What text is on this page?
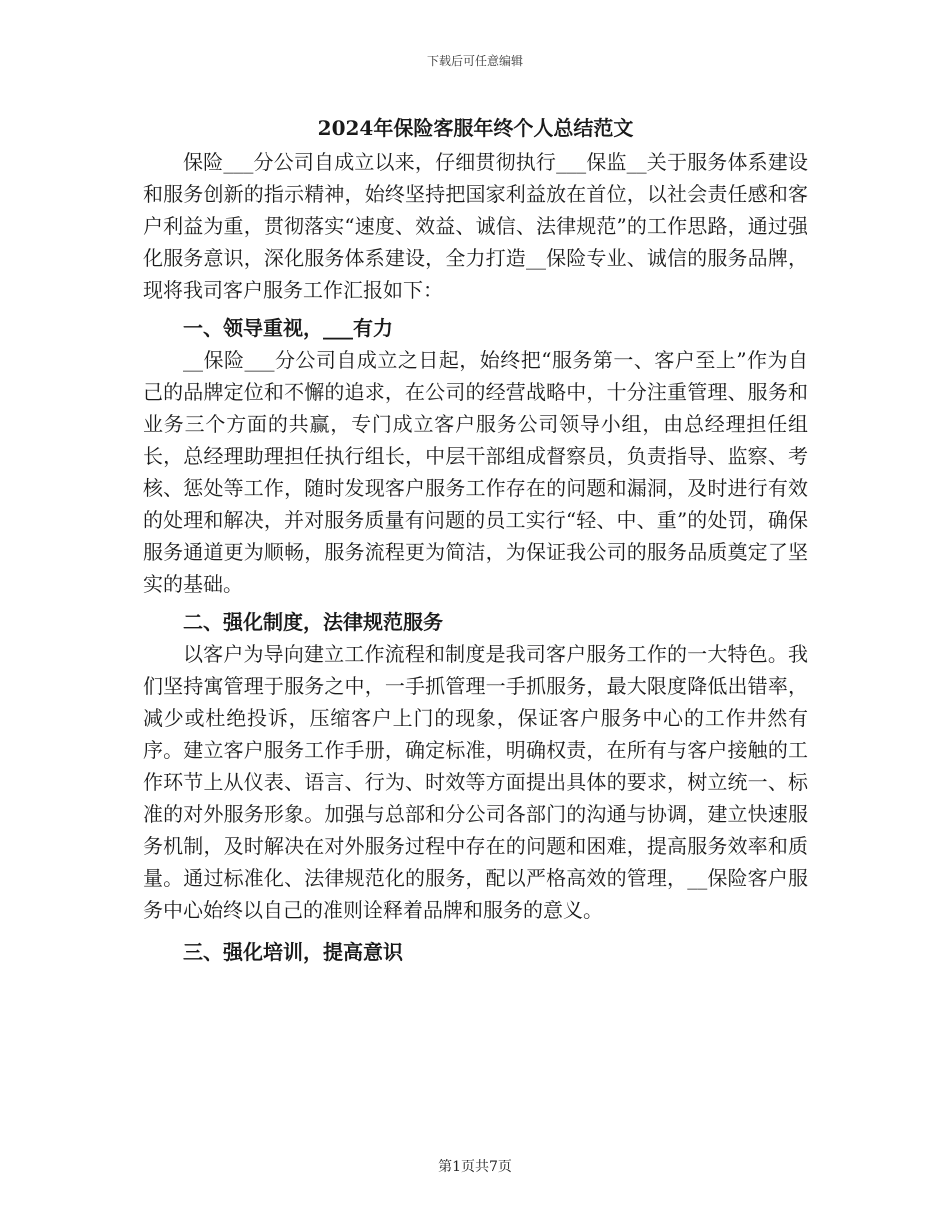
下载后可任意编辑
2024年保险客服年终个人总结范文

保险___分公司自成立以来，仔细贯彻执行___保监__关于服务体系建设和服务创新的指示精神，始终坚持把国家利益放在首位，以社会责任感和客户利益为重，贯彻落实“速度、效益、诚信、法律规范”的工作思路，通过强化服务意识，深化服务体系建设，全力打造__保险专业、诚信的服务品牌，现将我司客户服务工作汇报如下：

一、领导重视，___有力

__保险___分公司自成立之日起，始终把“服务第一、客户至上”作为自己的品牌定位和不懈的追求，在公司的经营战略中，十分注重管理、服务和业务三个方面的共赢，专门成立客户服务公司领导小组，由总经理担任组长，总经理助理担任执行组长，中层干部组成督察员，负责指导、监察、考核、惩处等工作，随时发现客户服务工作存在的问题和漏洞，及时进行有效的处理和解决，并对服务质量有问题的员工实行“轻、中、重”的处罚，确保服务通道更为顺畅，服务流程更为简洁，为保证我公司的服务品质奠定了坚实的基础。

二、强化制度，法律规范服务

以客户为导向建立工作流程和制度是我司客户服务工作的一大特色。我们坚持寓管理于服务之中，一手抓管理一手抓服务，最大限度降低出错率，减少或杜绝投诉，压缩客户上门的现象，保证客户服务中心的工作井然有序。建立客户服务工作手册，确定标准，明确权责，在所有与客户接触的工作环节上从仪表、语言、行为、时效等方面提出具体的要求，树立统一、标准的对外服务形象。加强与总部和分公司各部门的沟通与协调，建立快速服务机制，及时解决在对外服务过程中存在的问题和困难，提高服务效率和质量。通过标准化、法律规范化的服务，配以严格高效的管理，__保险客户服务中心始终以自己的准则诠释着品牌和服务的意义。

三、强化培训，提高意识
第1页共7页
